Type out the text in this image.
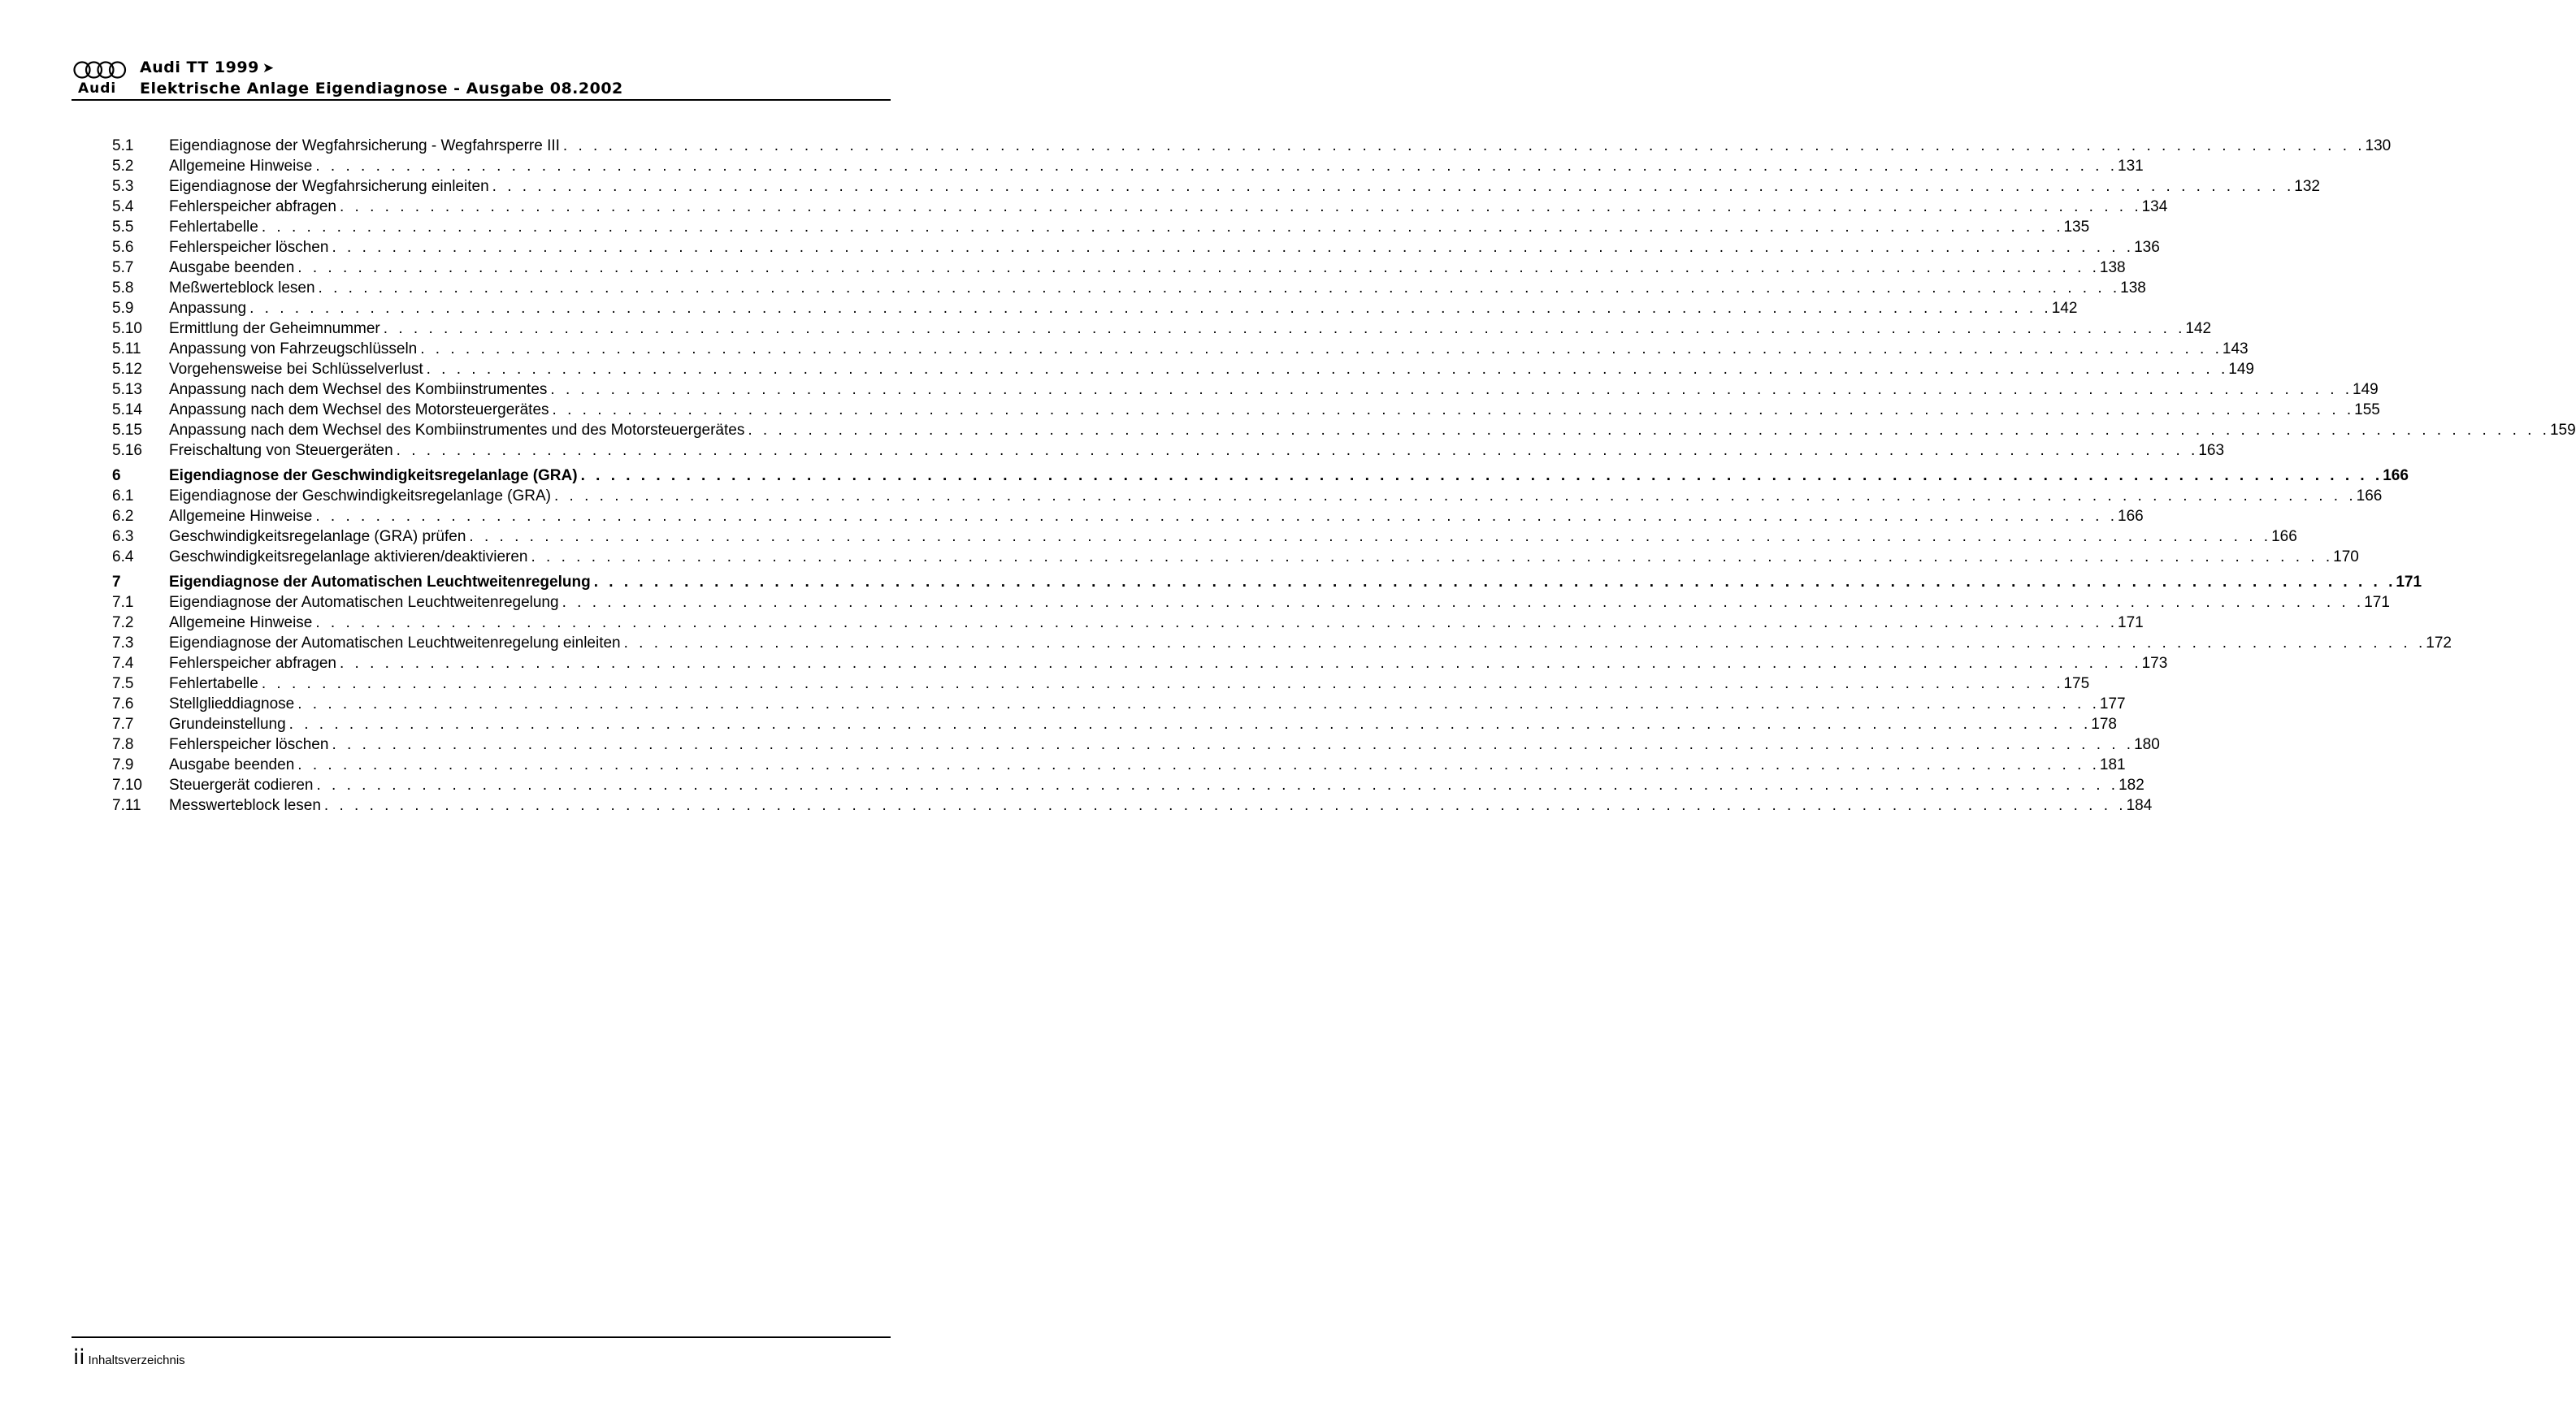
Audi
Audi TT 1999 ➤
Elektrische Anlage Eigendiagnose - Ausgabe 08.2002
5.1	Eigendiagnose der Wegfahrsicherung - Wegfahrsperre III . . . . . . . . . . . . . . . . . . . . . . . . . . . . . . . . . . . . . . . . . . . . . . . . . . . . . . . . . . . . . . . . . . . . . . . . . . . . . . . . . . . . . . . . . . . . . . . . . . . . . . . . . . . . . . . . . . . . . . . . 130
5.2	Allgemeine Hinweise . . . . . . . . . . . . . . . . . . . . . . . . . . . . . . . . . . . . . . . . . . . . . . . . . . . . . . . . . . . . . . . . . . . . . . . . . . . . . . . . . . . . . . . . . . . . . . . . . . . . . . . . . . . . . . . . . . . . . . . . 131
5.3	Eigendiagnose der Wegfahrsicherung einleiten . . . . . . . . . . . . . . . . . . . . . . . . . . . . . . . . . . . . . . . . . . . . . . . . . . . . . . . . . . . . . . . . . . . . . . . . . . . . . . . . . . . . . . . . . . . . . . . . . . . . . . . . . . . . . . . . . . . . . . . . 132
5.4	Fehlerspeicher abfragen . . . . . . . . . . . . . . . . . . . . . . . . . . . . . . . . . . . . . . . . . . . . . . . . . . . . . . . . . . . . . . . . . . . . . . . . . . . . . . . . . . . . . . . . . . . . . . . . . . . . . . . . . . . . . . . . . . . . . . . . 134
5.5	Fehlertabelle . . . . . . . . . . . . . . . . . . . . . . . . . . . . . . . . . . . . . . . . . . . . . . . . . . . . . . . . . . . . . . . . . . . . . . . . . . . . . . . . . . . . . . . . . . . . . . . . . . . . . . . . . . . . . . . . . . . . . . . . 135
5.6	Fehlerspeicher löschen . . . . . . . . . . . . . . . . . . . . . . . . . . . . . . . . . . . . . . . . . . . . . . . . . . . . . . . . . . . . . . . . . . . . . . . . . . . . . . . . . . . . . . . . . . . . . . . . . . . . . . . . . . . . . . . . . . . . . . . . 136
5.7	Ausgabe beenden . . . . . . . . . . . . . . . . . . . . . . . . . . . . . . . . . . . . . . . . . . . . . . . . . . . . . . . . . . . . . . . . . . . . . . . . . . . . . . . . . . . . . . . . . . . . . . . . . . . . . . . . . . . . . . . . . . . . . . . . 138
5.8	Meßwerteblock lesen . . . . . . . . . . . . . . . . . . . . . . . . . . . . . . . . . . . . . . . . . . . . . . . . . . . . . . . . . . . . . . . . . . . . . . . . . . . . . . . . . . . . . . . . . . . . . . . . . . . . . . . . . . . . . . . . . . . . . . . . 138
5.9	Anpassung . . . . . . . . . . . . . . . . . . . . . . . . . . . . . . . . . . . . . . . . . . . . . . . . . . . . . . . . . . . . . . . . . . . . . . . . . . . . . . . . . . . . . . . . . . . . . . . . . . . . . . . . . . . . . . . . . . . . . . . . 142
5.10	Ermittlung der Geheimnummer . . . . . . . . . . . . . . . . . . . . . . . . . . . . . . . . . . . . . . . . . . . . . . . . . . . . . . . . . . . . . . . . . . . . . . . . . . . . . . . . . . . . . . . . . . . . . . . . . . . . . . . . . . . . . . . . . . . . . . . . 142
5.11	Anpassung von Fahrzeugschlüsseln . . . . . . . . . . . . . . . . . . . . . . . . . . . . . . . . . . . . . . . . . . . . . . . . . . . . . . . . . . . . . . . . . . . . . . . . . . . . . . . . . . . . . . . . . . . . . . . . . . . . . . . . . . . . . . . . . . . . . . . . 143
5.12	Vorgehensweise bei Schlüsselverlust . . . . . . . . . . . . . . . . . . . . . . . . . . . . . . . . . . . . . . . . . . . . . . . . . . . . . . . . . . . . . . . . . . . . . . . . . . . . . . . . . . . . . . . . . . . . . . . . . . . . . . . . . . . . . . . . . . . . . . . . 149
5.13	Anpassung nach dem Wechsel des Kombiinstrumentes . . . . . . . . . . . . . . . . . . . . . . . . . . . . . . . . . . . . . . . . . . . . . . . . . . . . . . . . . . . . . . . . . . . . . . . . . . . . . . . . . . . . . . . . . . . . . . . . . . . . . . . . . . . . . . . . . . . . . . . . 149
5.14	Anpassung nach dem Wechsel des Motorsteuergerätes . . . . . . . . . . . . . . . . . . . . . . . . . . . . . . . . . . . . . . . . . . . . . . . . . . . . . . . . . . . . . . . . . . . . . . . . . . . . . . . . . . . . . . . . . . . . . . . . . . . . . . . . . . . . . . . . . . . . . . . . 155
5.15	Anpassung nach dem Wechsel des Kombiinstrumentes und des Motorsteuergerätes . . . . . . . . . . . . . . . . . . . . . . . . . . . . . . . . . . . . . . . . . . . . . . . . . . . . . . . . . . . . . . . . . . . . . . . . . . . . . . . . . . . . . . . . . . . . . . . . . . . . . . . . . . . . . . . . . . . . . . . . 159
5.16	Freischaltung von Steuergeräten . . . . . . . . . . . . . . . . . . . . . . . . . . . . . . . . . . . . . . . . . . . . . . . . . . . . . . . . . . . . . . . . . . . . . . . . . . . . . . . . . . . . . . . . . . . . . . . . . . . . . . . . . . . . . . . . . . . . . . . . 163
6	Eigendiagnose der Geschwindigkeitsregelanlage (GRA) . . . . . . . . . . . . . . . . . . . . . . . . . . . . . . . . . . . . . . . . . . . . . . . . . . . . . . . . . . . . . . . . . . . . . . . . . . . . . . . . . . . . . . . . . . . . . . . . . . . . . . . . . . . . . . . . . . . . . . . . 166
6.1	Eigendiagnose der Geschwindigkeitsregelanlage (GRA) . . . . . . . . . . . . . . . . . . . . . . . . . . . . . . . . . . . . . . . . . . . . . . . . . . . . . . . . . . . . . . . . . . . . . . . . . . . . . . . . . . . . . . . . . . . . . . . . . . . . . . . . . . . . . . . . . . . . . . . . 166
6.2	Allgemeine Hinweise . . . . . . . . . . . . . . . . . . . . . . . . . . . . . . . . . . . . . . . . . . . . . . . . . . . . . . . . . . . . . . . . . . . . . . . . . . . . . . . . . . . . . . . . . . . . . . . . . . . . . . . . . . . . . . . . . . . . . . . . 166
6.3	Geschwindigkeitsregelanlage (GRA) prüfen . . . . . . . . . . . . . . . . . . . . . . . . . . . . . . . . . . . . . . . . . . . . . . . . . . . . . . . . . . . . . . . . . . . . . . . . . . . . . . . . . . . . . . . . . . . . . . . . . . . . . . . . . . . . . . . . . . . . . . . . 166
6.4	Geschwindigkeitsregelanlage aktivieren/deaktivieren . . . . . . . . . . . . . . . . . . . . . . . . . . . . . . . . . . . . . . . . . . . . . . . . . . . . . . . . . . . . . . . . . . . . . . . . . . . . . . . . . . . . . . . . . . . . . . . . . . . . . . . . . . . . . . . . . . . . . . . . 170
7	Eigendiagnose der Automatischen Leuchtweitenregelung . . . . . . . . . . . . . . . . . . . . . . . . . . . . . . . . . . . . . . . . . . . . . . . . . . . . . . . . . . . . . . . . . . . . . . . . . . . . . . . . . . . . . . . . . . . . . . . . . . . . . . . . . . . . . . . . . . . . . . . . 171
7.1	Eigendiagnose der Automatischen Leuchtweitenregelung . . . . . . . . . . . . . . . . . . . . . . . . . . . . . . . . . . . . . . . . . . . . . . . . . . . . . . . . . . . . . . . . . . . . . . . . . . . . . . . . . . . . . . . . . . . . . . . . . . . . . . . . . . . . . . . . . . . . . . . . 171
7.2	Allgemeine Hinweise . . . . . . . . . . . . . . . . . . . . . . . . . . . . . . . . . . . . . . . . . . . . . . . . . . . . . . . . . . . . . . . . . . . . . . . . . . . . . . . . . . . . . . . . . . . . . . . . . . . . . . . . . . . . . . . . . . . . . . . . 171
7.3	Eigendiagnose der Automatischen Leuchtweitenregelung einleiten . . . . . . . . . . . . . . . . . . . . . . . . . . . . . . . . . . . . . . . . . . . . . . . . . . . . . . . . . . . . . . . . . . . . . . . . . . . . . . . . . . . . . . . . . . . . . . . . . . . . . . . . . . . . . . . . . . . . . . . . 172
7.4	Fehlerspeicher abfragen . . . . . . . . . . . . . . . . . . . . . . . . . . . . . . . . . . . . . . . . . . . . . . . . . . . . . . . . . . . . . . . . . . . . . . . . . . . . . . . . . . . . . . . . . . . . . . . . . . . . . . . . . . . . . . . . . . . . . . . . 173
7.5	Fehlertabelle . . . . . . . . . . . . . . . . . . . . . . . . . . . . . . . . . . . . . . . . . . . . . . . . . . . . . . . . . . . . . . . . . . . . . . . . . . . . . . . . . . . . . . . . . . . . . . . . . . . . . . . . . . . . . . . . . . . . . . . . 175
7.6	Stellglieddiagnose . . . . . . . . . . . . . . . . . . . . . . . . . . . . . . . . . . . . . . . . . . . . . . . . . . . . . . . . . . . . . . . . . . . . . . . . . . . . . . . . . . . . . . . . . . . . . . . . . . . . . . . . . . . . . . . . . . . . . . . . 177
7.7	Grundeinstellung . . . . . . . . . . . . . . . . . . . . . . . . . . . . . . . . . . . . . . . . . . . . . . . . . . . . . . . . . . . . . . . . . . . . . . . . . . . . . . . . . . . . . . . . . . . . . . . . . . . . . . . . . . . . . . . . . . . . . . . . 178
7.8	Fehlerspeicher löschen . . . . . . . . . . . . . . . . . . . . . . . . . . . . . . . . . . . . . . . . . . . . . . . . . . . . . . . . . . . . . . . . . . . . . . . . . . . . . . . . . . . . . . . . . . . . . . . . . . . . . . . . . . . . . . . . . . . . . . . . 180
7.9	Ausgabe beenden . . . . . . . . . . . . . . . . . . . . . . . . . . . . . . . . . . . . . . . . . . . . . . . . . . . . . . . . . . . . . . . . . . . . . . . . . . . . . . . . . . . . . . . . . . . . . . . . . . . . . . . . . . . . . . . . . . . . . . . . 181
7.10	Steuergerät codieren . . . . . . . . . . . . . . . . . . . . . . . . . . . . . . . . . . . . . . . . . . . . . . . . . . . . . . . . . . . . . . . . . . . . . . . . . . . . . . . . . . . . . . . . . . . . . . . . . . . . . . . . . . . . . . . . . . . . . . . . 182
7.11	Messwerteblock lesen . . . . . . . . . . . . . . . . . . . . . . . . . . . . . . . . . . . . . . . . . . . . . . . . . . . . . . . . . . . . . . . . . . . . . . . . . . . . . . . . . . . . . . . . . . . . . . . . . . . . . . . . . . . . . . . . . . . . . . . . 184
ii Inhaltsverzeichnis
